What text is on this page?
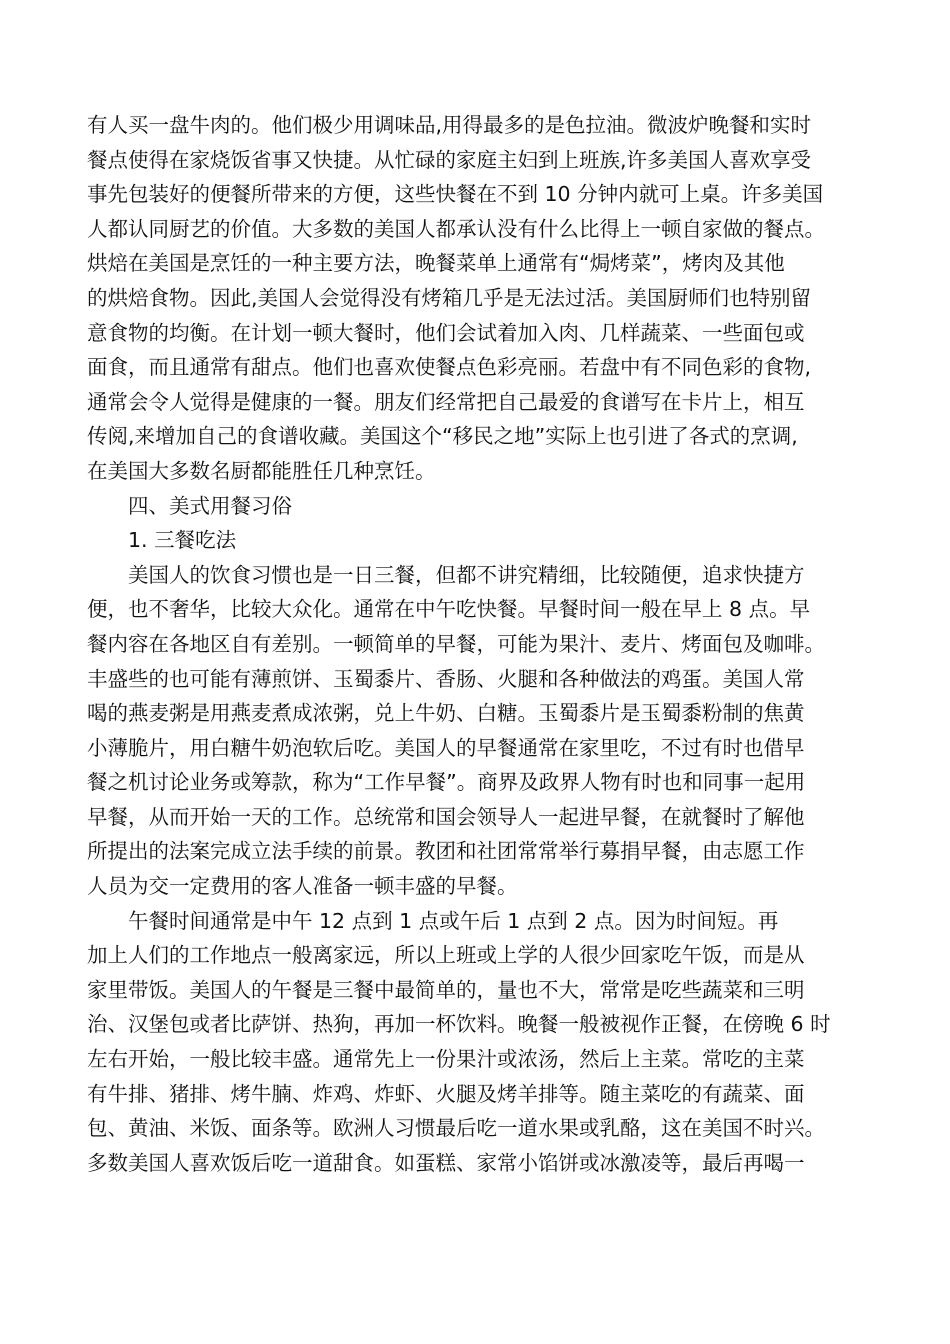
有人买一盘牛肉的。他们极少用调味品,用得最多的是色拉油。微波炉晚餐和实时
餐点使得在家烧饭省事又快捷。从忙碌的家庭主妇到上班族,许多美国人喜欢享受
事先包装好的便餐所带来的方便，这些快餐在不到 10 分钟内就可上桌。许多美国
人都认同厨艺的价值。大多数的美国人都承认没有什么比得上一顿自家做的餐点。
烘焙在美国是烹饪的一种主要方法，晚餐菜单上通常有“焗烤菜”，烤肉及其他
的烘焙食物。因此,美国人会觉得没有烤箱几乎是无法过活。美国厨师们也特别留
意食物的均衡。在计划一顿大餐时，他们会试着加入肉、几样蔬菜、一些面包或
面食，而且通常有甜点。他们也喜欢使餐点色彩亮丽。若盘中有不同色彩的食物,
通常会令人觉得是健康的一餐。朋友们经常把自己最爱的食谱写在卡片上，相互
传阅,来增加自己的食谱收藏。美国这个“移民之地”实际上也引进了各式的烹调,
在美国大多数名厨都能胜任几种烹饪。
四、美式用餐习俗
1. 三餐吃法
美国人的饮食习惯也是一日三餐，但都不讲究精细，比较随便，追求快捷方
便，也不奢华，比较大众化。通常在中午吃快餐。早餐时间一般在早上 8 点。早
餐内容在各地区自有差别。一顿简单的早餐，可能为果汁、麦片、烤面包及咖啡。
丰盛些的也可能有薄煎饼、玉蜀黍片、香肠、火腿和各种做法的鸡蛋。美国人常
喝的燕麦粥是用燕麦煮成浓粥，兑上牛奶、白糖。玉蜀黍片是玉蜀黍粉制的焦黄
小薄脆片，用白糖牛奶泡软后吃。美国人的早餐通常在家里吃，不过有时也借早
餐之机讨论业务或筹款，称为“工作早餐”。商界及政界人物有时也和同事一起用
早餐，从而开始一天的工作。总统常和国会领导人一起进早餐，在就餐时了解他
所提出的法案完成立法手续的前景。教团和社团常常举行募捐早餐，由志愿工作
人员为交一定费用的客人准备一顿丰盛的早餐。
午餐时间通常是中午 12 点到 1 点或午后 1 点到 2 点。因为时间短。再
加上人们的工作地点一般离家远，所以上班或上学的人很少回家吃午饭，而是从
家里带饭。美国人的午餐是三餐中最简单的，量也不大，常常是吃些蔬菜和三明
治、汉堡包或者比萨饼、热狗，再加一杯饮料。晚餐一般被视作正餐，在傍晚 6 时
左右开始，一般比较丰盛。通常先上一份果汁或浓汤，然后上主菜。常吃的主菜
有牛排、猪排、烤牛腩、炸鸡、炸虾、火腿及烤羊排等。随主菜吃的有蔬菜、面
包、黄油、米饭、面条等。欧洲人习惯最后吃一道水果或乳酪，这在美国不时兴。
多数美国人喜欢饭后吃一道甜食。如蛋糕、家常小馅饼或冰激凌等，最后再喝一
